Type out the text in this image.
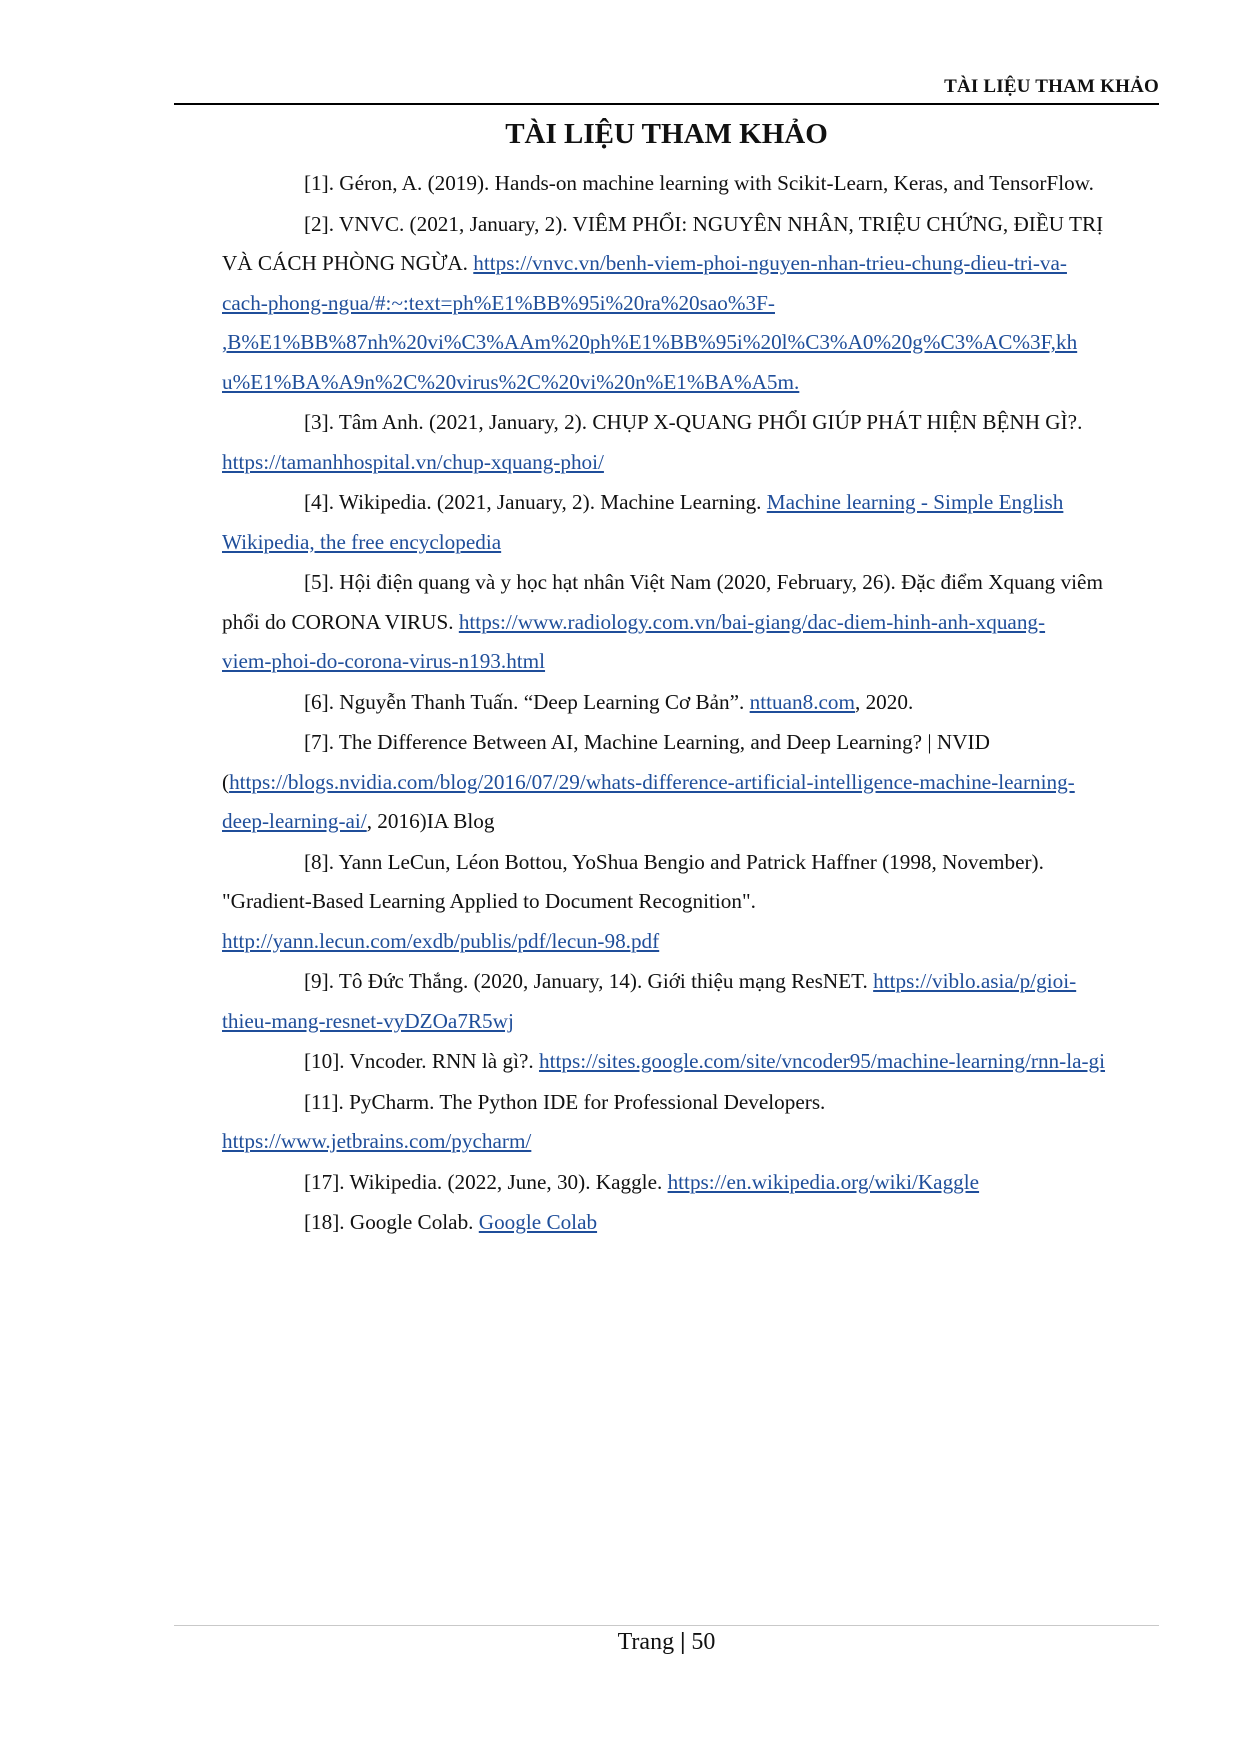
TÀI LIỆU THAM KHẢO
TÀI LIỆU THAM KHẢO
[1]. Géron, A. (2019). Hands-on machine learning with Scikit-Learn, Keras, and TensorFlow.
[2]. VNVC. (2021, January, 2). VIÊM PHỔI: NGUYÊN NHÂN, TRIỆU CHỨNG, ĐIỀU TRỊ
VÀ CÁCH PHÒNG NGỪA. https://vnvc.vn/benh-viem-phoi-nguyen-nhan-trieu-chung-dieu-tri-va-
cach-phong-ngua/#:~:text=ph%E1%BB%95i%20ra%20sao%3F-
,B%E1%BB%87nh%20vi%C3%AAm%20ph%E1%BB%95i%20l%C3%A0%20g%C3%AC%3F,kh
u%E1%BA%A9n%2C%20virus%2C%20vi%20n%E1%BA%A5m.
[3]. Tâm Anh. (2021, January, 2). CHỤP X-QUANG PHỔI GIÚP PHÁT HIỆN BỆNH GÌ?.
https://tamanhhospital.vn/chup-xquang-phoi/
[4]. Wikipedia. (2021, January, 2). Machine Learning. Machine learning - Simple English
Wikipedia, the free encyclopedia
[5]. Hội điện quang và y học hạt nhân Việt Nam (2020, February, 26). Đặc điểm Xquang viêm
phổi do CORONA VIRUS. https://www.radiology.com.vn/bai-giang/dac-diem-hinh-anh-xquang-
viem-phoi-do-corona-virus-n193.html
[6]. Nguyễn Thanh Tuấn. “Deep Learning Cơ Bản”. nttuan8.com, 2020.
[7]. The Difference Between AI, Machine Learning, and Deep Learning? | NVID
(https://blogs.nvidia.com/blog/2016/07/29/whats-difference-artificial-intelligence-machine-learning-
deep-learning-ai/, 2016)IA Blog
[8]. Yann LeCun, Léon Bottou, YoShua Bengio and Patrick Haffner (1998, November).
"Gradient-Based Learning Applied to Document Recognition".
http://yann.lecun.com/exdb/publis/pdf/lecun-98.pdf
[9]. Tô Đức Thắng. (2020, January, 14). Giới thiệu mạng ResNET. https://viblo.asia/p/gioi-
thieu-mang-resnet-vyDZOa7R5wj
[10]. Vncoder. RNN là gì?. https://sites.google.com/site/vncoder95/machine-learning/rnn-la-gi
[11]. PyCharm. The Python IDE for Professional Developers.
https://www.jetbrains.com/pycharm/
[17]. Wikipedia. (2022, June, 30). Kaggle. https://en.wikipedia.org/wiki/Kaggle
[18]. Google Colab. Google Colab
Trang | 50
